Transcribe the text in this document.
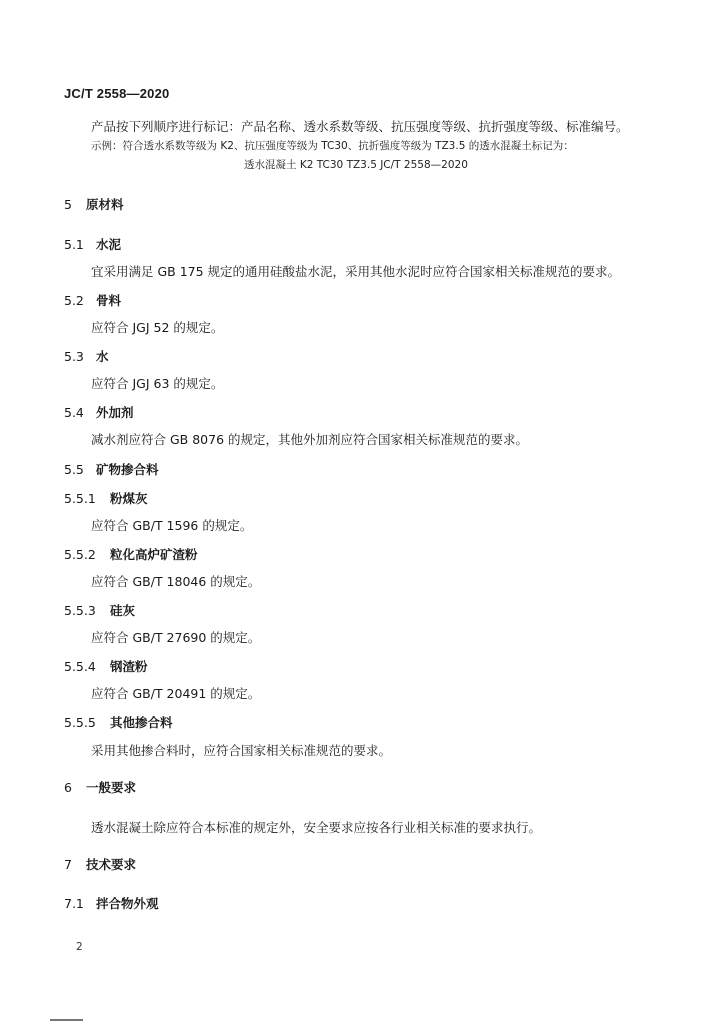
JC/T 2558—2020
产品按下列顺序进行标记：产品名称、透水系数等级、抗压强度等级、抗折强度等级、标准编号。
示例：符合透水系数等级为 K2、抗压强度等级为 TC30、抗折强度等级为 TZ3.5 的透水混凝土标记为：
透水混凝土 K2 TC30 TZ3.5 JC/T 2558—2020
5 原材料
5.1 水泥
宜采用满足 GB 175 规定的通用硅酸盐水泥，采用其他水泥时应符合国家相关标准规范的要求。
5.2 骨料
应符合 JGJ 52 的规定。
5.3 水
应符合 JGJ 63 的规定。
5.4 外加剂
减水剂应符合 GB 8076 的规定，其他外加剂应符合国家相关标准规范的要求。
5.5 矿物掺合料
5.5.1 粉煤灰
应符合 GB/T 1596 的规定。
5.5.2 粒化高炉矿渣粉
应符合 GB/T 18046 的规定。
5.5.3 硅灰
应符合 GB/T 27690 的规定。
5.5.4 钢渣粉
应符合 GB/T 20491 的规定。
5.5.5 其他掺合料
采用其他掺合料时，应符合国家相关标准规范的要求。
6 一般要求
透水混凝土除应符合本标准的规定外，安全要求应按各行业相关标准的要求执行。
7 技术要求
7.1 拌合物外观
2
